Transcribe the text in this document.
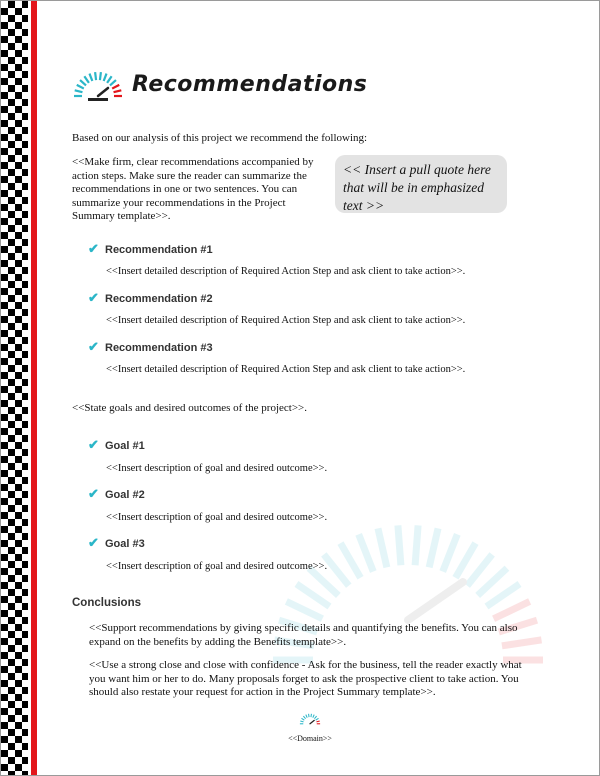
Recommendations
Based on our analysis of this project we recommend the following:
<<Make firm, clear recommendations accompanied by action steps. Make sure the reader can summarize the recommendations in one or two sentences. You can summarize your recommendations in the Project Summary template>>.
<< Insert a pull quote here that will be in emphasized text >>
✔ Recommendation #1
<<Insert detailed description of Required Action Step and ask client to take action>>.
✔ Recommendation #2
<<Insert detailed description of Required Action Step and ask client to take action>>.
✔ Recommendation #3
<<Insert detailed description of Required Action Step and ask client to take action>>.
<<State goals and desired outcomes of the project>>.
✔ Goal #1
<<Insert description of goal and desired outcome>>.
✔ Goal #2
<<Insert description of goal and desired outcome>>.
✔ Goal #3
<<Insert description of goal and desired outcome>>.
Conclusions
<<Support recommendations by giving specific details and quantifying the benefits. You can also expand on the benefits by adding the Benefits template>>.
<<Use a strong close and close with confidence - Ask for the business, tell the reader exactly what you want him or her to do. Many proposals forget to ask the prospective client to take action. You should also restate your request for action in the Project Summary template>>.
<<Domain>>
